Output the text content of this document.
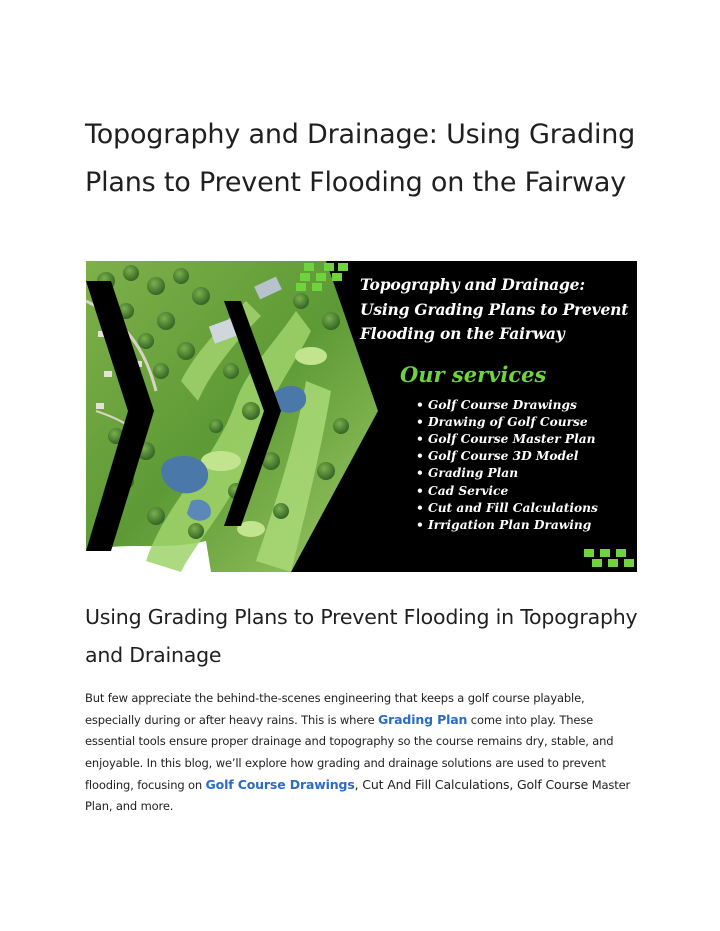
Topography and Drainage: Using Grading Plans to Prevent Flooding on the Fairway

Topography and Drainage: Using Grading Plans to Prevent Flooding on the Fairway

Our services
• Golf Course Drawings
• Drawing of Golf Course
• Golf Course Master Plan
• Golf Course 3D Model
• Grading Plan
• Cad Service
• Cut and Fill Calculations
• Irrigation Plan Drawing
Using Grading Plans to Prevent Flooding in Topography and Drainage

But few appreciate the behind-the-scenes engineering that keeps a golf course playable, especially during or after heavy rains. This is where Grading Plan come into play. These essential tools ensure proper drainage and topography so the course remains dry, stable, and enjoyable. In this blog, we’ll explore how grading and drainage solutions are used to prevent flooding, focusing on Golf Course Drawings, Cut And Fill Calculations, Golf Course Master Plan, and more.
